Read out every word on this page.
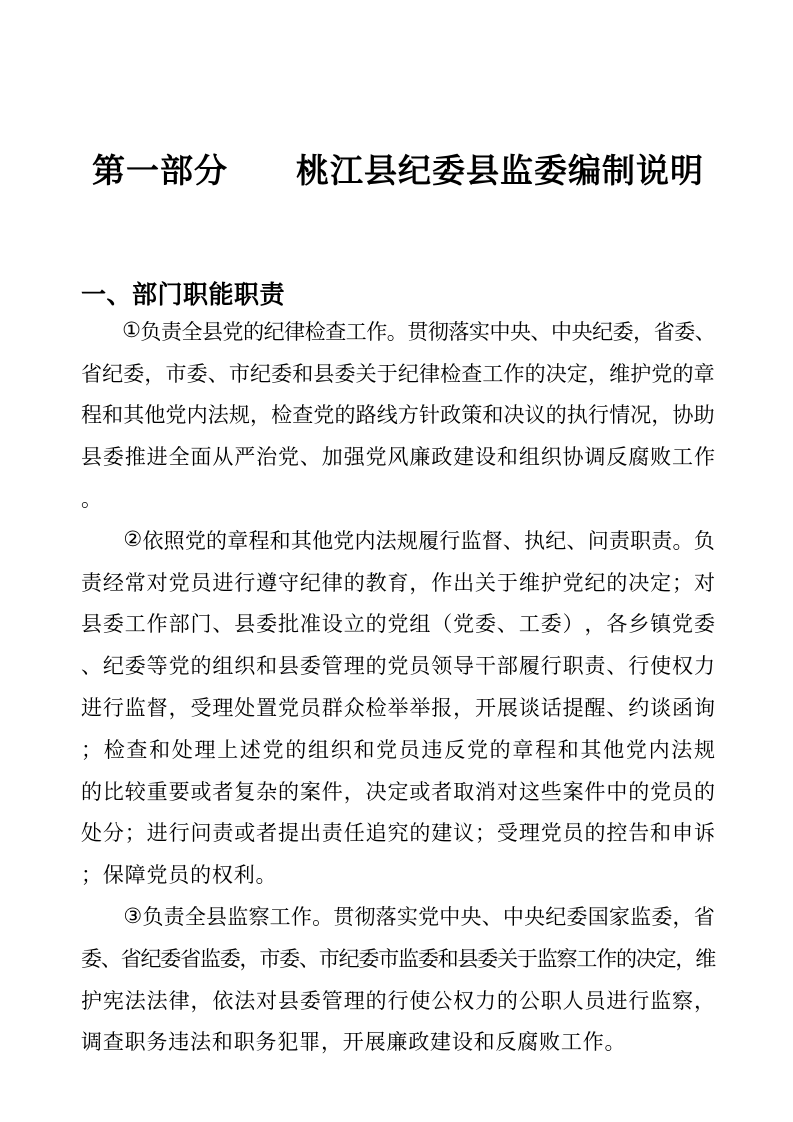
第一部分　　桃江县纪委县监委编制说明
一、部门职能职责

① 负 责 全 县 党 的 纪 律 检 查 工 作 。 贯 彻 落 实 中 央 、 中 央 纪 委 ， 省 委 、
省 纪 委 ， 市 委 、 市 纪 委 和 县 委 关 于 纪 律 检 查 工 作 的 决 定 ， 维 护 党 的 章
程 和 其 他 党 内 法 规 ， 检 查 党 的 路 线 方 针 政 策 和 决 议 的 执 行 情 况 ， 协 助
县 委 推 进 全 面 从 严 治 党 、 加 强 党 风 廉 政 建 设 和 组 织 协 调 反 腐 败 工 作
。

② 依 照 党 的 章 程 和 其 他 党 内 法 规 履 行 监 督 、 执 纪 、 问 责 职 责 。 负
责 经 常 对 党 员 进 行 遵 守 纪 律 的 教 育 ， 作 出 关 于 维 护 党 纪 的 决 定 ； 对
县 委 工 作 部 门 、 县 委 批 准 设 立 的 党 组 （ 党 委 、 工 委 ） ， 各 乡 镇 党 委
、 纪 委 等 党 的 组 织 和 县 委 管 理 的 党 员 领 导 干 部 履 行 职 责 、 行 使 权 力
进 行 监 督 ， 受 理 处 置 党 员 群 众 检 举 举 报 ， 开 展 谈 话 提 醒 、 约 谈 函 询
； 检 查 和 处 理 上 述 党 的 组 织 和 党 员 违 反 党 的 章 程 和 其 他 党 内 法 规
的 比 较 重 要 或 者 复 杂 的 案 件 ， 决 定 或 者 取 消 对 这 些 案 件 中 的 党 员 的
处 分 ； 进 行 问 责 或 者 提 出 责 任 追 究 的 建 议 ； 受 理 党 员 的 控 告 和 申 诉
； 保 障 党 员 的 权 利 。

③ 负 责 全 县 监 察 工 作 。 贯 彻 落 实 党 中 央 、 中 央 纪 委 国 家 监 委 ， 省
委 、 省 纪 委 省 监 委 ， 市 委 、 市 纪 委 市 监 委 和 县 委 关 于 监 察 工 作 的 决 定 ， 维
护 宪 法 法 律 ， 依 法 对 县 委 管 理 的 行 使 公 权 力 的 公 职 人 员 进 行 监 察 ，
调 查 职 务 违 法 和 职 务 犯 罪 ， 开 展 廉 政 建 设 和 反 腐 败 工 作 。
